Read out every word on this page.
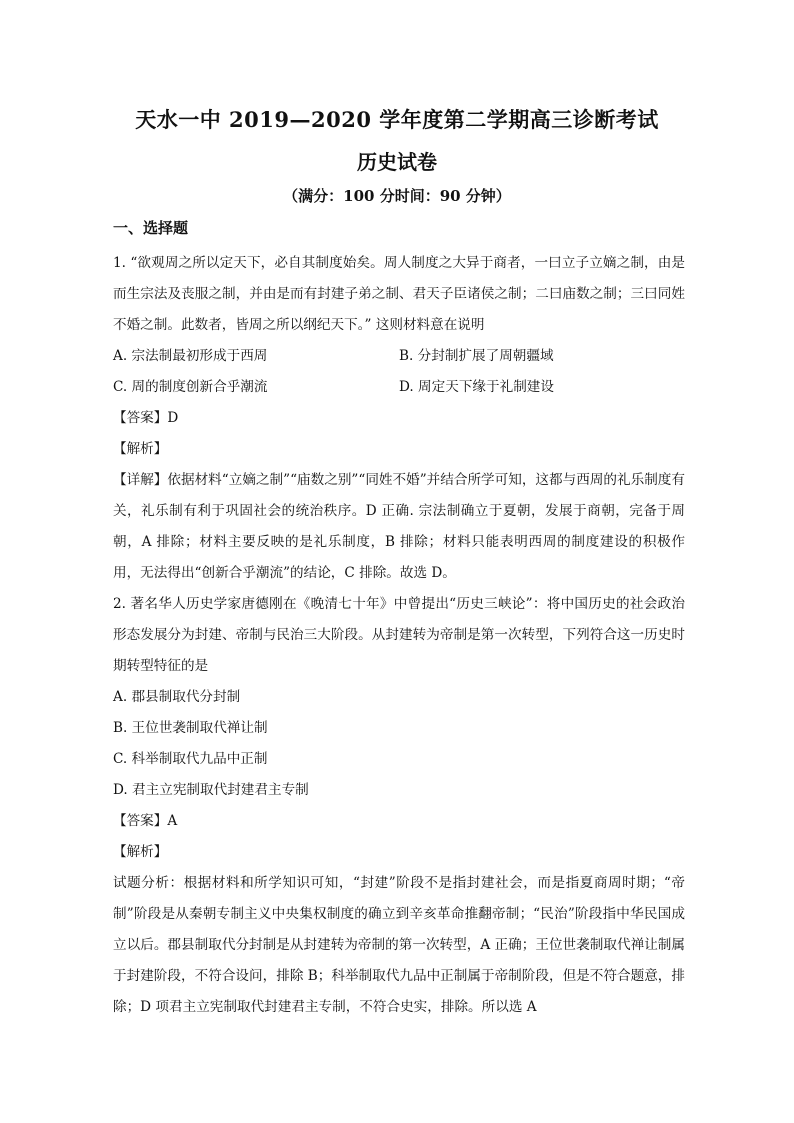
天水一中 2019—2020 学年度第二学期高三诊断考试
历史试卷
（满分：100 分时间：90 分钟）
一、选择题

1. “欲观周之所以定天下，必自其制度始矣。周人制度之大异于商者，一曰立子立嫡之制，由是而生宗法及丧服之制，并由是而有封建子弟之制、君天子臣诸侯之制；二曰庙数之制；三曰同姓不婚之制。此数者，皆周之所以纲纪天下。” 这则材料意在说明

A. 宗法制最初形成于西周	B. 分封制扩展了周朝疆域
C. 周的制度创新合乎潮流	D. 周定天下缘于礼制建设

【答案】D

【解析】

【详解】依据材料“立嫡之制”“庙数之别”“同姓不婚”并结合所学可知，这都与西周的礼乐制度有关，礼乐制有利于巩固社会的统治秩序。D 正确. 宗法制确立于夏朝，发展于商朝，完备于周朝，A 排除；材料主要反映的是礼乐制度，B 排除；材料只能表明西周的制度建设的积极作用，无法得出“创新合乎潮流”的结论，C 排除。故选 D。

2. 著名华人历史学家唐德刚在《晚清七十年》中曾提出“历史三峡论”：将中国历史的社会政治形态发展分为封建、帝制与民治三大阶段。从封建转为帝制是第一次转型，下列符合这一历史时期转型特征的是

A. 郡县制取代分封制
B. 王位世袭制取代禅让制
C. 科举制取代九品中正制
D. 君主立宪制取代封建君主专制

【答案】A

【解析】

试题分析：根据材料和所学知识可知，“封建”阶段不是指封建社会，而是指夏商周时期；“帝制”阶段是从秦朝专制主义中央集权制度的确立到辛亥革命推翻帝制；“民治”阶段指中华民国成立以后。郡县制取代分封制是从封建转为帝制的第一次转型，A 正确；王位世袭制取代禅让制属于封建阶段，不符合设问，排除 B；科举制取代九品中正制属于帝制阶段，但是不符合题意，排除；D 项君主立宪制取代封建君主专制，不符合史实，排除。所以选 A
